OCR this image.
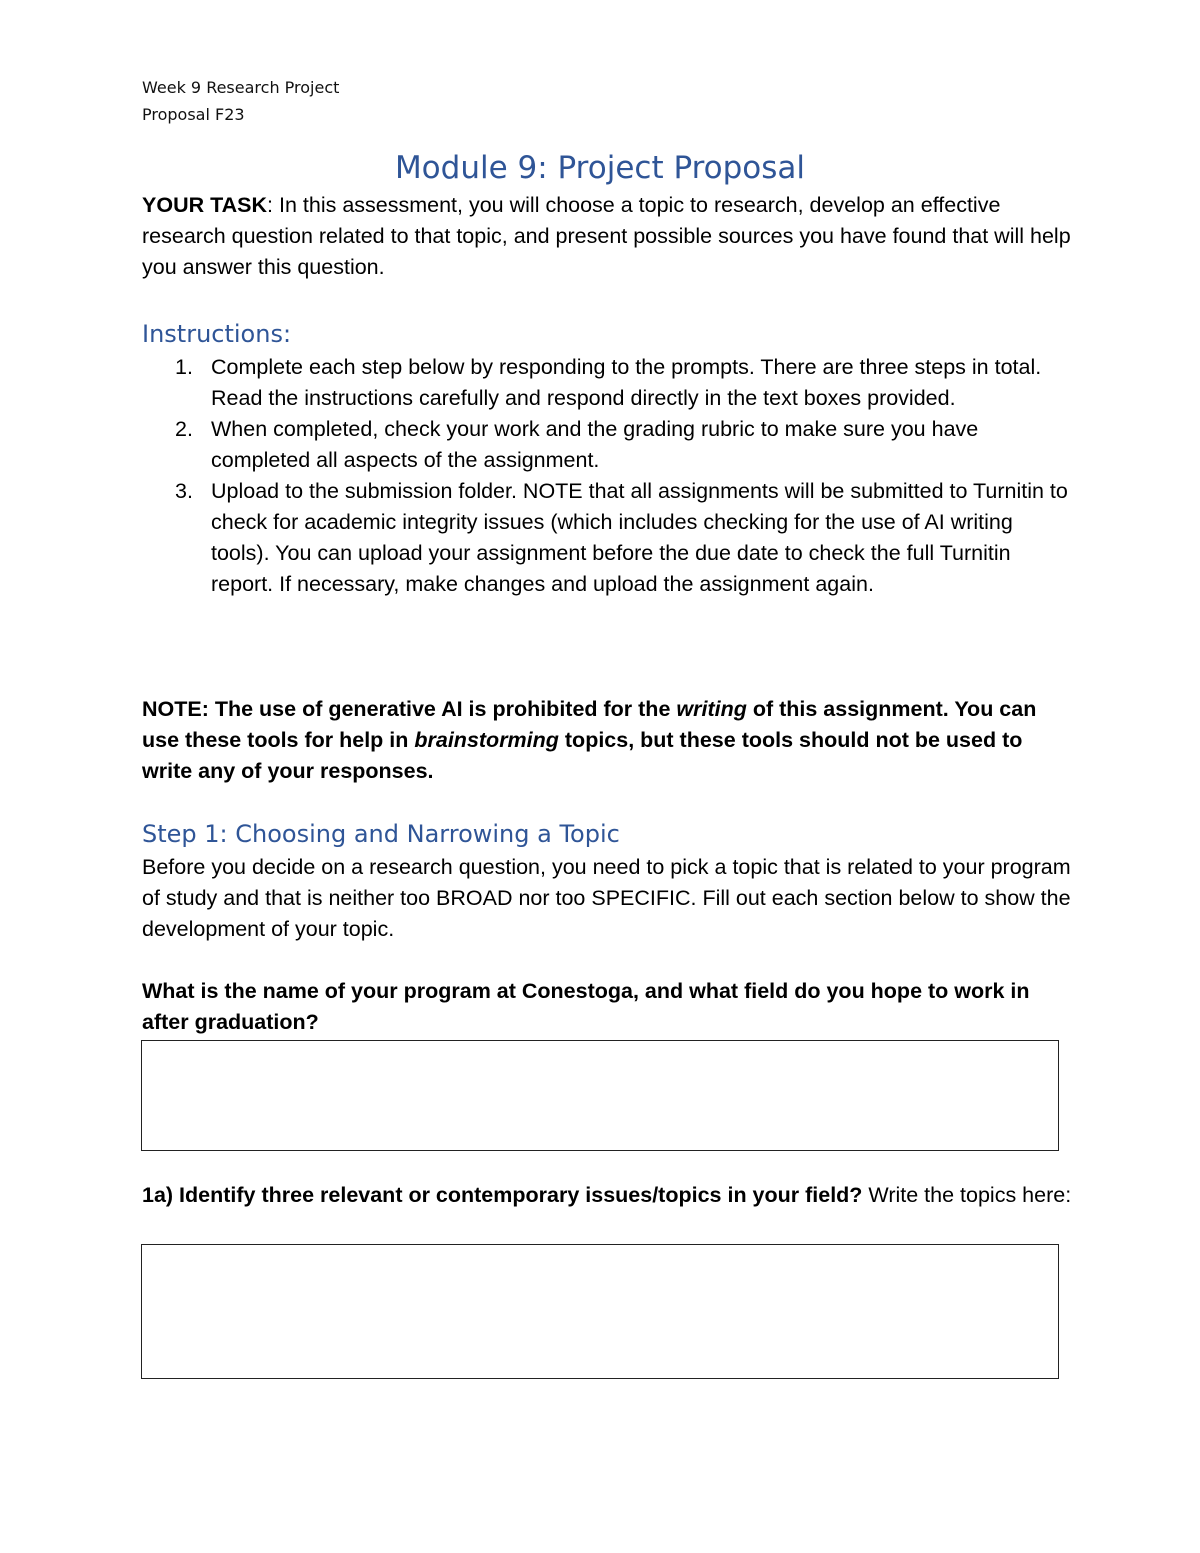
Week 9 Research Project
Proposal F23
Module 9: Project Proposal

YOUR TASK: In this assessment, you will choose a topic to research, develop an effective research question related to that topic, and present possible sources you have found that will help you answer this question.

Instructions:
1. Complete each step below by responding to the prompts. There are three steps in total. Read the instructions carefully and respond directly in the text boxes provided.
2. When completed, check your work and the grading rubric to make sure you have completed all aspects of the assignment.
3. Upload to the submission folder. NOTE that all assignments will be submitted to Turnitin to check for academic integrity issues (which includes checking for the use of AI writing tools). You can upload your assignment before the due date to check the full Turnitin report. If necessary, make changes and upload the assignment again.

NOTE: The use of generative AI is prohibited for the writing of this assignment. You can use these tools for help in brainstorming topics, but these tools should not be used to write any of your responses.

Step 1: Choosing and Narrowing a Topic

Before you decide on a research question, you need to pick a topic that is related to your program of study and that is neither too BROAD nor too SPECIFIC. Fill out each section below to show the development of your topic.

What is the name of your program at Conestoga, and what field do you hope to work in after graduation?

1a) Identify three relevant or contemporary issues/topics in your field? Write the topics here:
